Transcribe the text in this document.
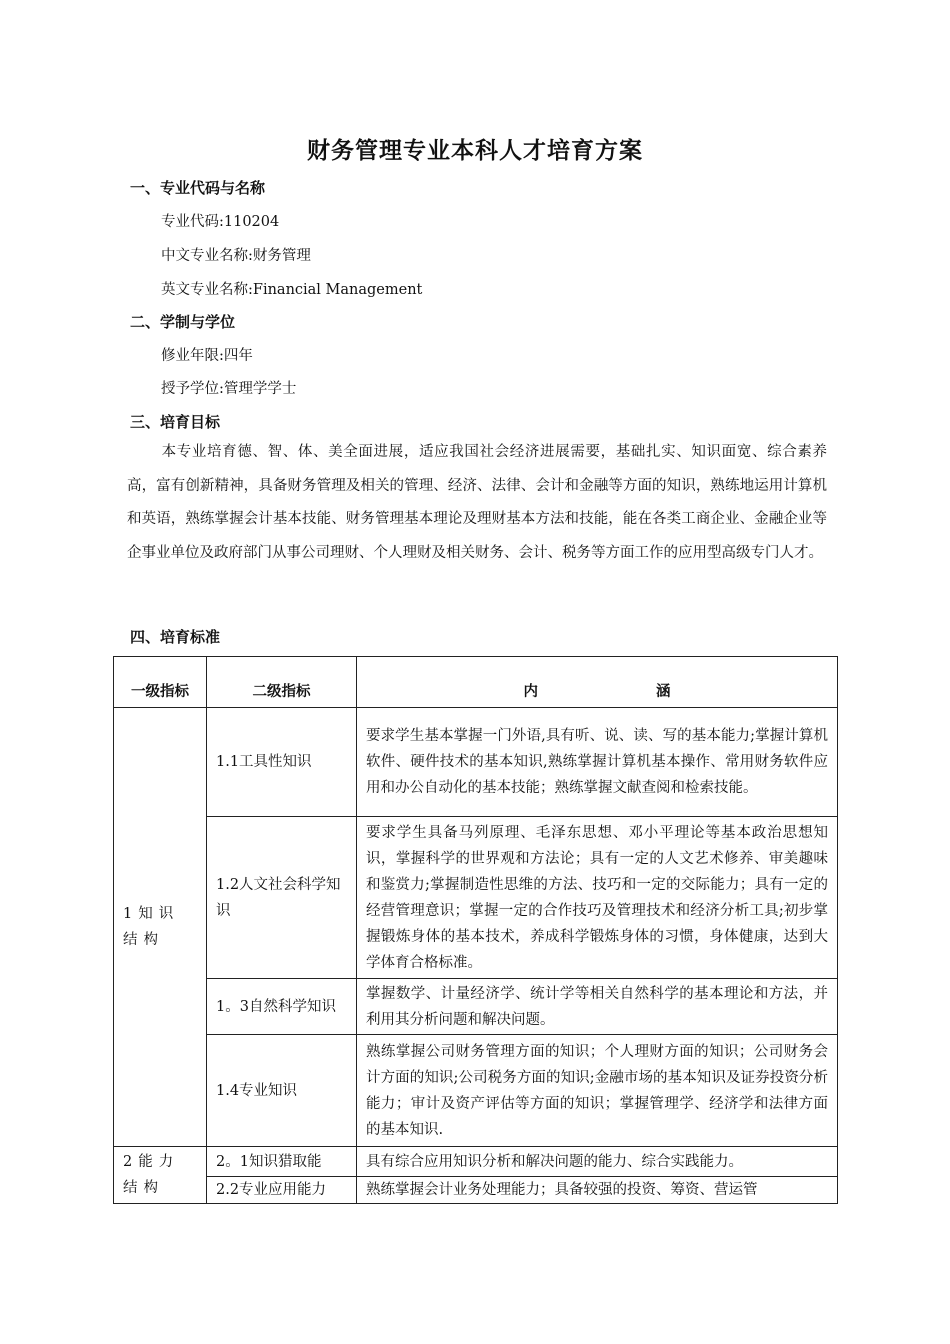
财务管理专业本科人才培育方案
一、专业代码与名称
专业代码:110204
中文专业名称:财务管理
英文专业名称:Financial Management
二、学制与学位
修业年限:四年
授予学位:管理学学士
三、培育目标
本专业培育德、智、体、美全面进展，适应我国社会经济进展需要，基础扎实、知识面宽、综合素养高，富有创新精神，具备财务管理及相关的管理、经济、法律、会计和金融等方面的知识，熟练地运用计算机和英语，熟练掌握会计基本技能、财务管理基本理论及理财基本方法和技能，能在各类工商企业、金融企业等企事业单位及政府部门从事公司理财、个人理财及相关财务、会计、税务等方面工作的应用型高级专门人才。
四、培育标准
一级指标	二级指标	内 涵
1知识结构	1.1工具性知识	要求学生基本掌握一门外语,具有听、说、读、写的基本能力;掌握计算机软件、硬件技术的基本知识,熟练掌握计算机基本操作、常用财务软件应用和办公自动化的基本技能；熟练掌握文献查阅和检索技能。
	1.2人文社会科学知识	要求学生具备马列原理、毛泽东思想、邓小平理论等基本政治思想知识，掌握科学的世界观和方法论；具有一定的人文艺术修养、审美趣味和鉴赏力;掌握制造性思维的方法、技巧和一定的交际能力；具有一定的经营管理意识；掌握一定的合作技巧及管理技术和经济分析工具;初步掌握锻炼身体的基本技术，养成科学锻炼身体的习惯，身体健康，达到大学体育合格标准。
	1。3自然科学知识	掌握数学、计量经济学、统计学等相关自然科学的基本理论和方法，并利用其分析问题和解决问题。
	1.4专业知识	熟练掌握公司财务管理方面的知识；个人理财方面的知识；公司财务会计方面的知识;公司税务方面的知识;金融市场的基本知识及证券投资分析能力；审计及资产评估等方面的知识；掌握管理学、经济学和法律方面的基本知识.
2能力结构	2。1知识猎取能	具有综合应用知识分析和解决问题的能力、综合实践能力。
	2.2专业应用能力	熟练掌握会计业务处理能力；具备较强的投资、筹资、营运管
